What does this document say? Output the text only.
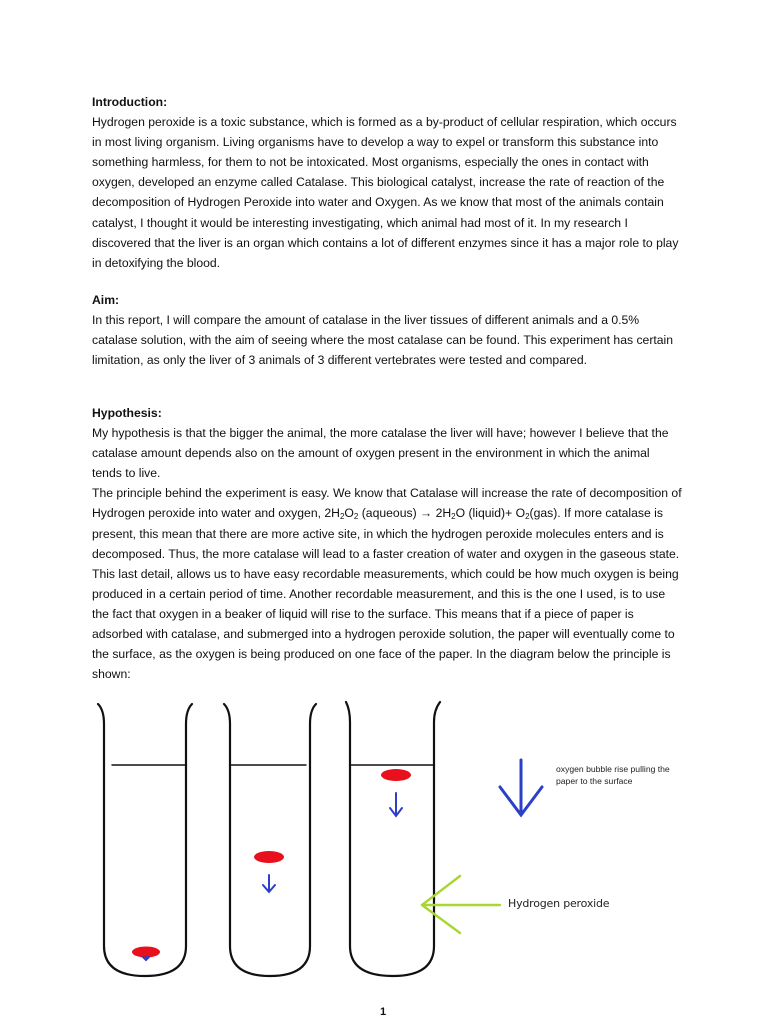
Introduction:

Hydrogen peroxide is a toxic substance, which is formed as a by-product of cellular respiration, which occurs in most living organism. Living organisms have to develop a way to expel or transform this substance into something harmless, for them to not be intoxicated. Most organisms, especially the ones in contact with oxygen, developed an enzyme called Catalase. This biological catalyst, increase the rate of reaction of the decomposition of Hydrogen Peroxide into water and Oxygen. As we know that most of the animals contain catalyst, I thought it would be interesting investigating, which animal had most of it. In my research I discovered that the liver is an organ which contains a lot of different enzymes since it has a major role to play in detoxifying the blood.

Aim:

In this report, I will compare the amount of catalase in the liver tissues of different animals and a 0.5% catalase solution, with the aim of seeing where the most catalase can be found. This experiment has certain limitation, as only the liver of 3 animals of 3 different vertebrates were tested and compared.

Hypothesis:

My hypothesis is that the bigger the animal, the more catalase the liver will have; however I believe that the catalase amount depends also on the amount of oxygen present in the environment in which the animal tends to live.

The principle behind the experiment is easy. We know that Catalase will increase the rate of decomposition of Hydrogen peroxide into water and oxygen, $2H_2O_2$ (aqueous) → $2H_2O$ (liquid)+ $O_2(gas)$. If more catalase is present, this mean that there are more active site, in which the hydrogen peroxide molecules enters and is decomposed. Thus, the more catalase will lead to a faster creation of water and oxygen in the gaseous state. This last detail, allows us to have easy recordable measurements, which could be how much oxygen is being produced in a certain period of time. Another recordable measurement, and this is the one I used, is to use the fact that oxygen in a beaker of liquid will rise to the surface. This means that if a piece of paper is adsorbed with catalase, and submerged into a hydrogen peroxide solution, the paper will eventually come to the surface, as the oxygen is being produced on one face of the paper. In the diagram below the principle is shown:

oxygen bubble rise pulling the paper to the surface
Hydrogen peroxide
1
